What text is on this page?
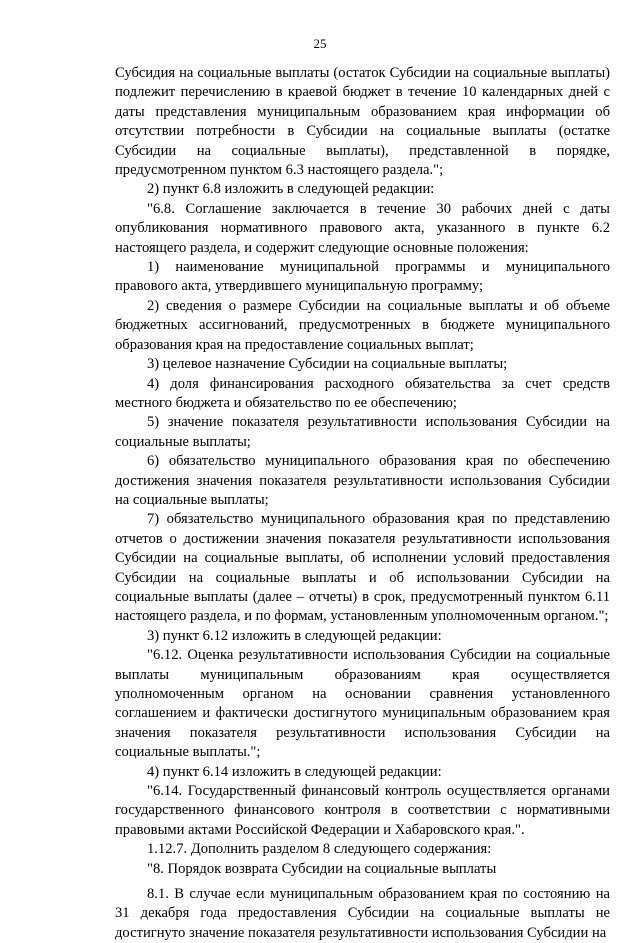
25

Субсидия на социальные выплаты (остаток Субсидии на социальные выплаты) подлежит перечислению в краевой бюджет в течение 10 календарных дней с даты представления муниципальным образованием края информации об отсутствии потребности в Субсидии на социальные выплаты (остатке Субсидии на социальные выплаты), представленной в порядке, предусмотренном пунктом 6.3 настоящего раздела.";

2) пункт 6.8 изложить в следующей редакции:

"6.8. Соглашение заключается в течение 30 рабочих дней с даты опубликования нормативного правового акта, указанного в пункте 6.2 настоящего раздела, и содержит следующие основные положения:

1) наименование муниципальной программы и муниципального правового акта, утвердившего муниципальную программу;

2) сведения о размере Субсидии на социальные выплаты и об объеме бюджетных ассигнований, предусмотренных в бюджете муниципального образования края на предоставление социальных выплат;

3) целевое назначение Субсидии на социальные выплаты;

4) доля финансирования расходного обязательства за счет средств местного бюджета и обязательство по ее обеспечению;

5) значение показателя результативности использования Субсидии на социальные выплаты;

6) обязательство муниципального образования края по обеспечению достижения значения показателя результативности использования Субсидии на социальные выплаты;

7) обязательство муниципального образования края по представлению отчетов о достижении значения показателя результативности использования Субсидии на социальные выплаты, об исполнении условий предоставления Субсидии на социальные выплаты и об использовании Субсидии на социальные выплаты (далее – отчеты) в срок, предусмотренный пунктом 6.11 настоящего раздела, и по формам, установленным уполномоченным органом.";

3) пункт 6.12 изложить в следующей редакции:

"6.12. Оценка результативности использования Субсидии на социальные выплаты муниципальным образованиям края осуществляется уполномоченным органом на основании сравнения установленного соглашением и фактически достигнутого муниципальным образованием края значения показателя результативности использования Субсидии на социальные выплаты.";

4) пункт 6.14 изложить в следующей редакции:

"6.14. Государственный финансовый контроль осуществляется органами государственного финансового контроля в соответствии с нормативными правовыми актами Российской Федерации и Хабаровского края.".

1.12.7. Дополнить разделом 8 следующего содержания:

"8. Порядок возврата Субсидии на социальные выплаты

8.1. В случае если муниципальным образованием края по состоянию на 31 декабря года предоставления Субсидии на социальные выплаты не достигнуто значение показателя результативности использования Субсидии на
